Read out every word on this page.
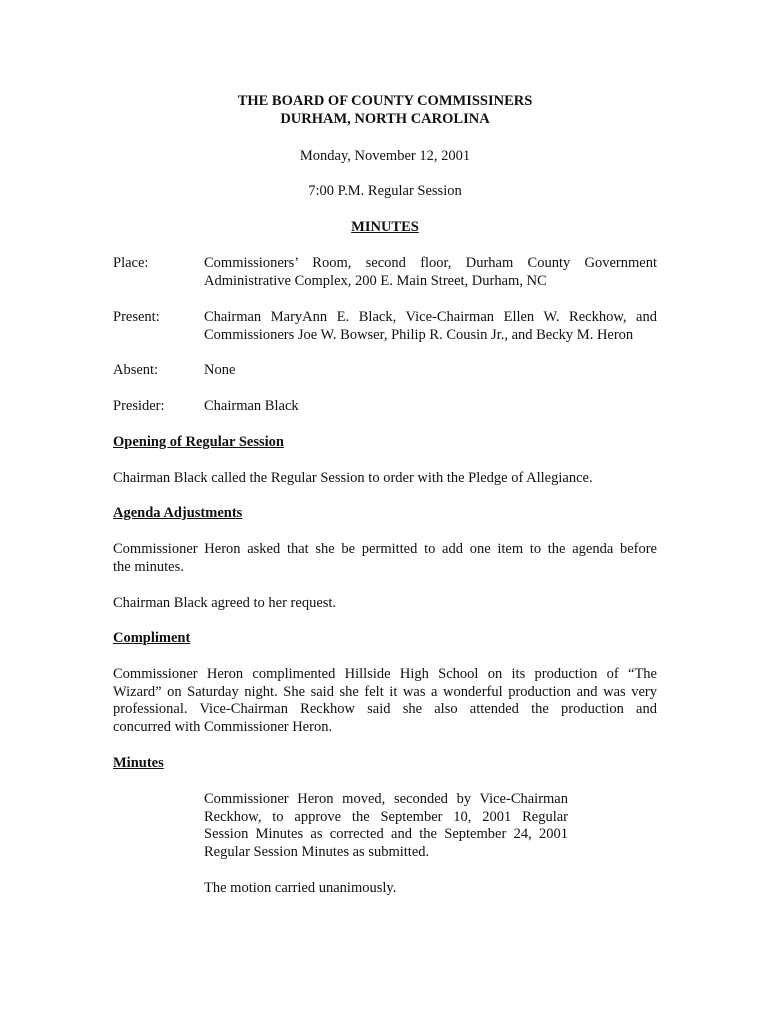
THE BOARD OF COUNTY COMMISSINERS
DURHAM, NORTH CAROLINA
Monday, November 12, 2001
7:00 P.M. Regular Session
MINUTES
Place:	Commissioners’ Room, second floor, Durham County Government
Administrative Complex, 200 E. Main Street, Durham, NC
Present:	Chairman MaryAnn E. Black, Vice-Chairman Ellen W. Reckhow, and
Commissioners Joe W. Bowser, Philip R. Cousin Jr., and Becky M. Heron
Absent:	None
Presider:	Chairman Black
Opening of Regular Session
Chairman Black called the Regular Session to order with the Pledge of Allegiance.
Agenda Adjustments
Commissioner Heron asked that she be permitted to add one item to the agenda before
the minutes.
Chairman Black agreed to her request.
Compliment
Commissioner Heron complimented Hillside High School on its production of “The
Wizard” on Saturday night. She said she felt it was a wonderful production and was very
professional. Vice-Chairman Reckhow said she also attended the production and
concurred with Commissioner Heron.
Minutes
Commissioner Heron moved, seconded by Vice-Chairman
Reckhow, to approve the September 10, 2001 Regular
Session Minutes as corrected and the September 24, 2001
Regular Session Minutes as submitted.
The motion carried unanimously.
